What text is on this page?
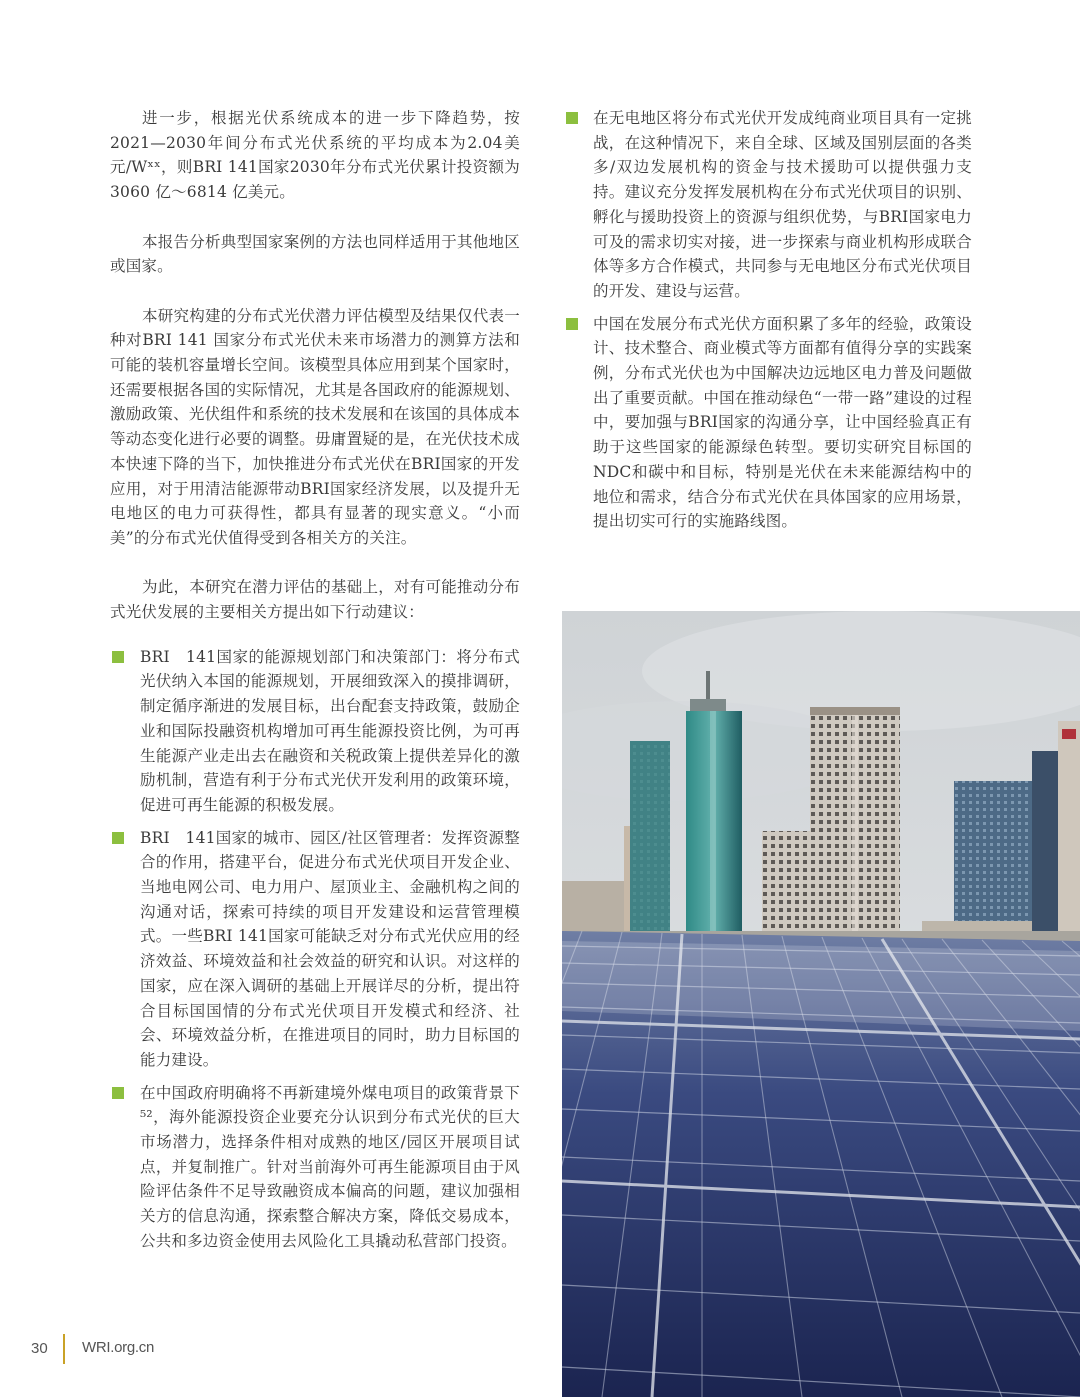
进一步，根据光伏系统成本的进一步下降趋势，按2021—2030年间分布式光伏系统的平均成本为2.04美元/Wˣˣ，则BRI 141国家2030年分布式光伏累计投资额为3060 亿～6814 亿美元。

本报告分析典型国家案例的方法也同样适用于其他地区或国家。

本研究构建的分布式光伏潜力评估模型及结果仅代表一种对BRI 141 国家分布式光伏未来市场潜力的测算方法和可能的装机容量增长空间。该模型具体应用到某个国家时，还需要根据各国的实际情况，尤其是各国政府的能源规划、激励政策、光伏组件和系统的技术发展和在该国的具体成本等动态变化进行必要的调整。毋庸置疑的是，在光伏技术成本快速下降的当下，加快推进分布式光伏在BRI国家的开发应用，对于用清洁能源带动BRI国家经济发展，以及提升无电地区的电力可获得性，都具有显著的现实意义。“小而美”的分布式光伏值得受到各相关方的关注。

为此，本研究在潜力评估的基础上，对有可能推动分布式光伏发展的主要相关方提出如下行动建议：

BRI　141国家的能源规划部门和决策部门：将分布式光伏纳入本国的能源规划，开展细致深入的摸排调研，制定循序渐进的发展目标，出台配套支持政策，鼓励企业和国际投融资机构增加可再生能源投资比例，为可再生能源产业走出去在融资和关税政策上提供差异化的激励机制，营造有利于分布式光伏开发利用的政策环境，促进可再生能源的积极发展。
BRI　141国家的城市、园区/社区管理者：发挥资源整合的作用，搭建平台，促进分布式光伏项目开发企业、当地电网公司、电力用户、屋顶业主、金融机构之间的沟通对话，探索可持续的项目开发建设和运营管理模式。一些BRI 141国家可能缺乏对分布式光伏应用的经济效益、环境效益和社会效益的研究和认识。对这样的国家，应在深入调研的基础上开展详尽的分析，提出符合目标国国情的分布式光伏项目开发模式和经济、社会、环境效益分析，在推进项目的同时，助力目标国的能力建设。
在中国政府明确将不再新建境外煤电项目的政策背景下⁵²，海外能源投资企业要充分认识到分布式光伏的巨大市场潜力，选择条件相对成熟的地区/园区开展项目试点，并复制推广。针对当前海外可再生能源项目由于风险评估条件不足导致融资成本偏高的问题，建议加强相关方的信息沟通，探索整合解决方案，降低交易成本，公共和多边资金使用去风险化工具撬动私营部门投资。
在无电地区将分布式光伏开发成纯商业项目具有一定挑战，在这种情况下，来自全球、区域及国别层面的各类多/双边发展机构的资金与技术援助可以提供强力支持。建议充分发挥发展机构在分布式光伏项目的识别、孵化与援助投资上的资源与组织优势，与BRI国家电力可及的需求切实对接，进一步探索与商业机构形成联合体等多方合作模式，共同参与无电地区分布式光伏项目的开发、建设与运营。
中国在发展分布式光伏方面积累了多年的经验，政策设计、技术整合、商业模式等方面都有值得分享的实践案例，分布式光伏也为中国解决边远地区电力普及问题做出了重要贡献。中国在推动绿色“一带一路”建设的过程中，要加强与BRI国家的沟通分享，让中国经验真正有助于这些国家的能源绿色转型。要切实研究目标国的NDC和碳中和目标，特别是光伏在未来能源结构中的地位和需求，结合分布式光伏在具体国家的应用场景，提出切实可行的实施路线图。
30 WRI.org.cn
